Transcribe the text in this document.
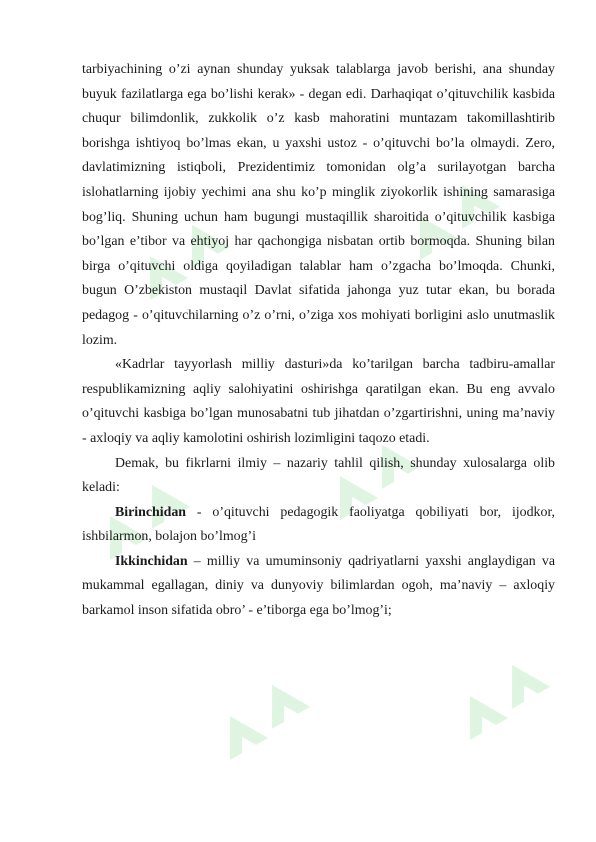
tarbiyachining o’zi aynan shunday yuksak talablarga javob berishi, ana shunday buyuk fazilatlarga ega bo’lishi kerak» - degan edi. Darhaqiqat o’qituvchilik kasbida chuqur bilimdonlik, zukkolik o’z kasb mahoratini muntazam takomillashtirib borishga ishtiyoq bo’lmas ekan, u yaxshi ustoz - o’qituvchi bo’la olmaydi. Zero, davlatimizning istiqboli, Prezidentimiz tomonidan olg’a surilayotgan barcha islohatlarning ijobiy yechimi ana shu ko’p minglik ziyokorlik ishining samarasiga bog’liq. Shuning uchun ham bugungi mustaqillik sharoitida o’qituvchilik kasbiga bo’lgan e’tibor va ehtiyoj har qachongiga nisbatan ortib bormoqda. Shuning bilan birga o’qituvchi oldiga qoyiladigan talablar ham o’zgacha bo’lmoqda. Chunki, bugun O’zbekiston mustaqil Davlat sifatida jahonga yuz tutar ekan, bu borada pedagog - o’qituvchilarning o’z o’rni, o’ziga xos mohiyati borligini aslo unutmaslik lozim.

«Kadrlar tayyorlash milliy dasturi»da ko’tarilgan barcha tadbiru-amallar respublikamizning aqliy salohiyatini oshirishga qaratilgan ekan. Bu eng avvalo o’qituvchi kasbiga bo’lgan munosabatni tub jihatdan o’zgartirishni, uning ma’naviy - axloqiy va aqliy kamolotini oshirish lozimligini taqozo etadi.

Demak, bu fikrlarni ilmiy – nazariy tahlil qilish, shunday xulosalarga olib keladi:

Birinchidan - o’qituvchi pedagogik faoliyatga qobiliyati bor, ijodkor, ishbilarmon, bolajon bo’lmog’i

Ikkinchidan – milliy va umuminsoniy qadriyatlarni yaxshi anglaydigan va mukammal egallagan, diniy va dunyoviy bilimlardan ogoh, ma’naviy – axloqiy barkamol inson sifatida obro’ - e’tiborga ega bo’lmog’i;
